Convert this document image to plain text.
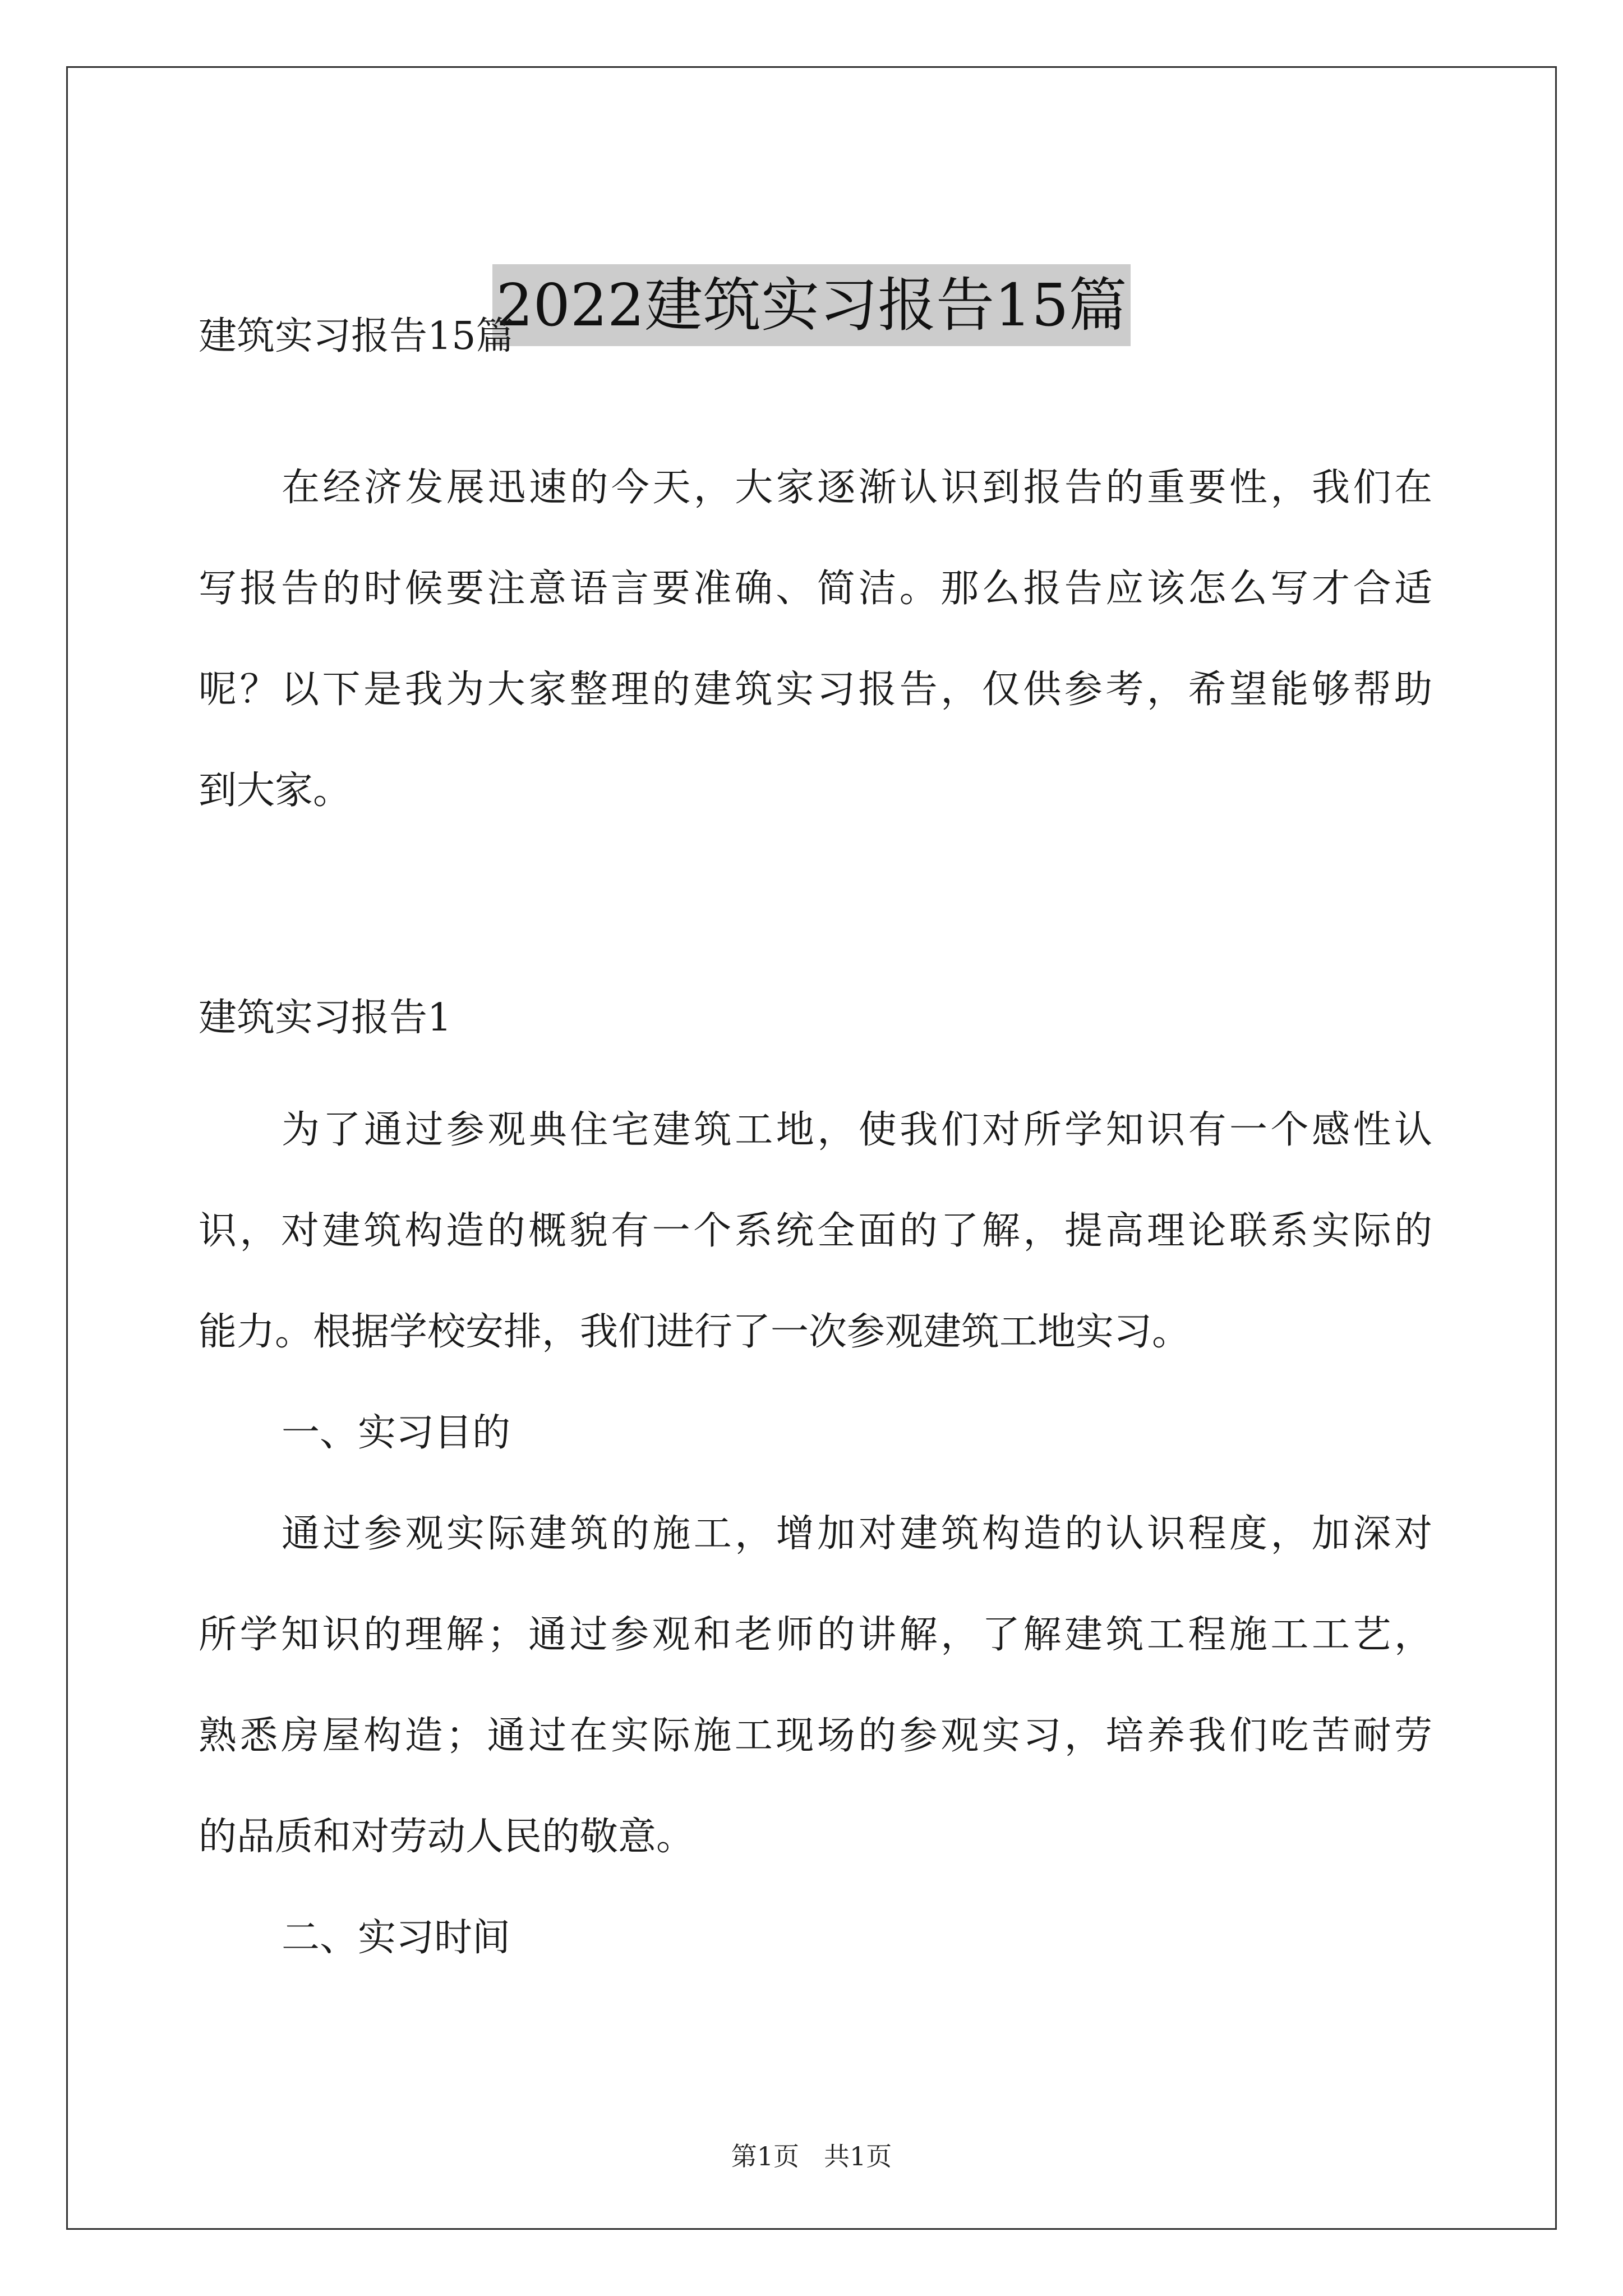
2022建筑实习报告15篇
建筑实习报告15篇
在经济发展迅速的今天，大家逐渐认识到报告的重要性，我们在
写报告的时候要注意语言要准确、简洁。那么报告应该怎么写才合适
呢？以下是我为大家整理的建筑实习报告，仅供参考，希望能够帮助
到大家。
建筑实习报告1
为了通过参观典住宅建筑工地，使我们对所学知识有一个感性认
识，对建筑构造的概貌有一个系统全面的了解，提高理论联系实际的
能力。根据学校安排，我们进行了一次参观建筑工地实习。
一、实习目的
通过参观实际建筑的施工，增加对建筑构造的认识程度，加深对
所学知识的理解；通过参观和老师的讲解，了解建筑工程施工工艺，
熟悉房屋构造；通过在实际施工现场的参观实习，培养我们吃苦耐劳
的品质和对劳动人民的敬意。
二、实习时间
第1页 共1页
